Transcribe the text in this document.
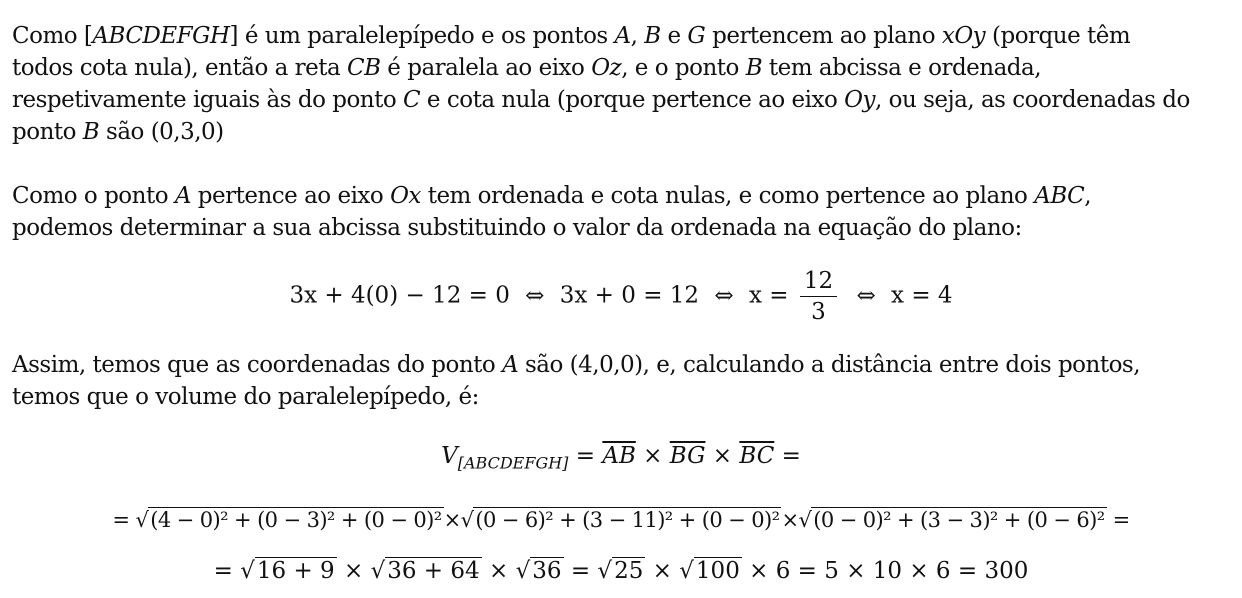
Como [ABCDEFGH] é um paralelepípedo e os pontos A, B e G pertencem ao plano xOy (porque têm todos cota nula), então a reta CB é paralela ao eixo Oz, e o ponto B tem abcissa e ordenada, respetivamente iguais às do ponto C e cota nula (porque pertence ao eixo Oy, ou seja, as coordenadas do ponto B são (0,3,0)

Como o ponto A pertence ao eixo Ox tem ordenada e cota nulas, e como pertence ao plano ABC, podemos determinar a sua abcissa substituindo o valor da ordenada na equação do plano:

3x + 4(0) − 12 = 0 ⇔ 3x + 0 = 12 ⇔ $x = \frac{12}{3}$ ⇔ x = 4

Assim, temos que as coordenadas do ponto A são (4,0,0), e, calculando a distância entre dois pontos, temos que o volume do paralelepípedo, é:

$V_{[ABCDEFGH]} = \overline{AB} \times \overline{BG} \times \overline{BC}$ =
= √(4 − 0)² + (0 − 3)² + (0 − 0)²×√(0 − 6)² + (3 − 11)² + (0 − 0)²×√(0 − 0)² + (3 − 3)² + (0 − 6)² =
= √16 + 9 × √36 + 64 × √36 = √25 × √100 × 6 = 5 × 10 × 6 = 300
